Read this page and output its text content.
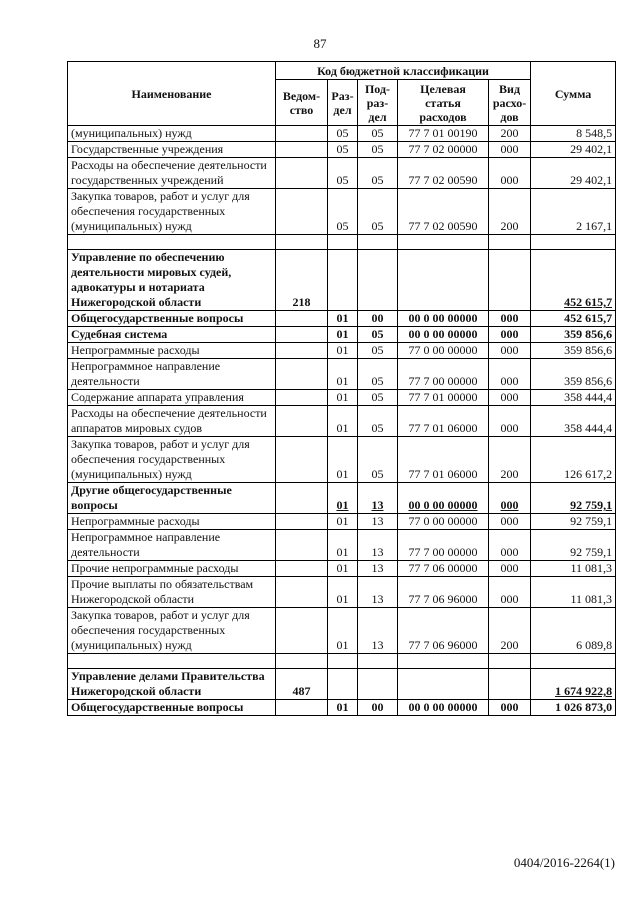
87
Наименование	Код бюджетной классификации					Сумма
	Ведом-ство	Раз-дел	Под-раз-дел	Целевая статья расходов	Вид расхо-дов	
(муниципальных) нужд		05	05	77 7 01 00190	200	8 548,5
Государственные учреждения		05	05	77 7 02 00000	000	29 402,1
Расходы на обеспечение деятельности государственных учреждений		05	05	77 7 02 00590	000	29 402,1
Закупка товаров, работ и услуг для обеспечения государственных (муниципальных) нужд		05	05	77 7 02 00590	200	2 167,1

Управление по обеспечению деятельности мировых судей, адвокатуры и нотариата Нижегородской области	218					452 615,7
Общегосударственные вопросы		01	00	00 0 00 00000	000	452 615,7
Судебная система		01	05	00 0 00 00000	000	359 856,6
Непрограммные расходы		01	05	77 0 00 00000	000	359 856,6
Непрограммное направление деятельности		01	05	77 7 00 00000	000	359 856,6
Содержание аппарата управления		01	05	77 7 01 00000	000	358 444,4
Расходы на обеспечение деятельности аппаратов мировых судов		01	05	77 7 01 06000	000	358 444,4
Закупка товаров, работ и услуг для обеспечения государственных (муниципальных) нужд		01	05	77 7 01 06000	200	126 617,2
Другие общегосударственные вопросы		01	13	00 0 00 00000	000	92 759,1
Непрограммные расходы		01	13	77 0 00 00000	000	92 759,1
Непрограммное направление деятельности		01	13	77 7 00 00000	000	92 759,1
Прочие непрограммные расходы		01	13	77 7 06 00000	000	11 081,3
Прочие выплаты по обязательствам Нижегородской области		01	13	77 7 06 96000	000	11 081,3
Закупка товаров, работ и услуг для обеспечения государственных (муниципальных) нужд		01	13	77 7 06 96000	200	6 089,8

Управление делами Правительства Нижегородской области	487					1 674 922,8
Общегосударственные вопросы		01	00	00 0 00 00000	000	1 026 873,0
0404/2016-2264(1)
